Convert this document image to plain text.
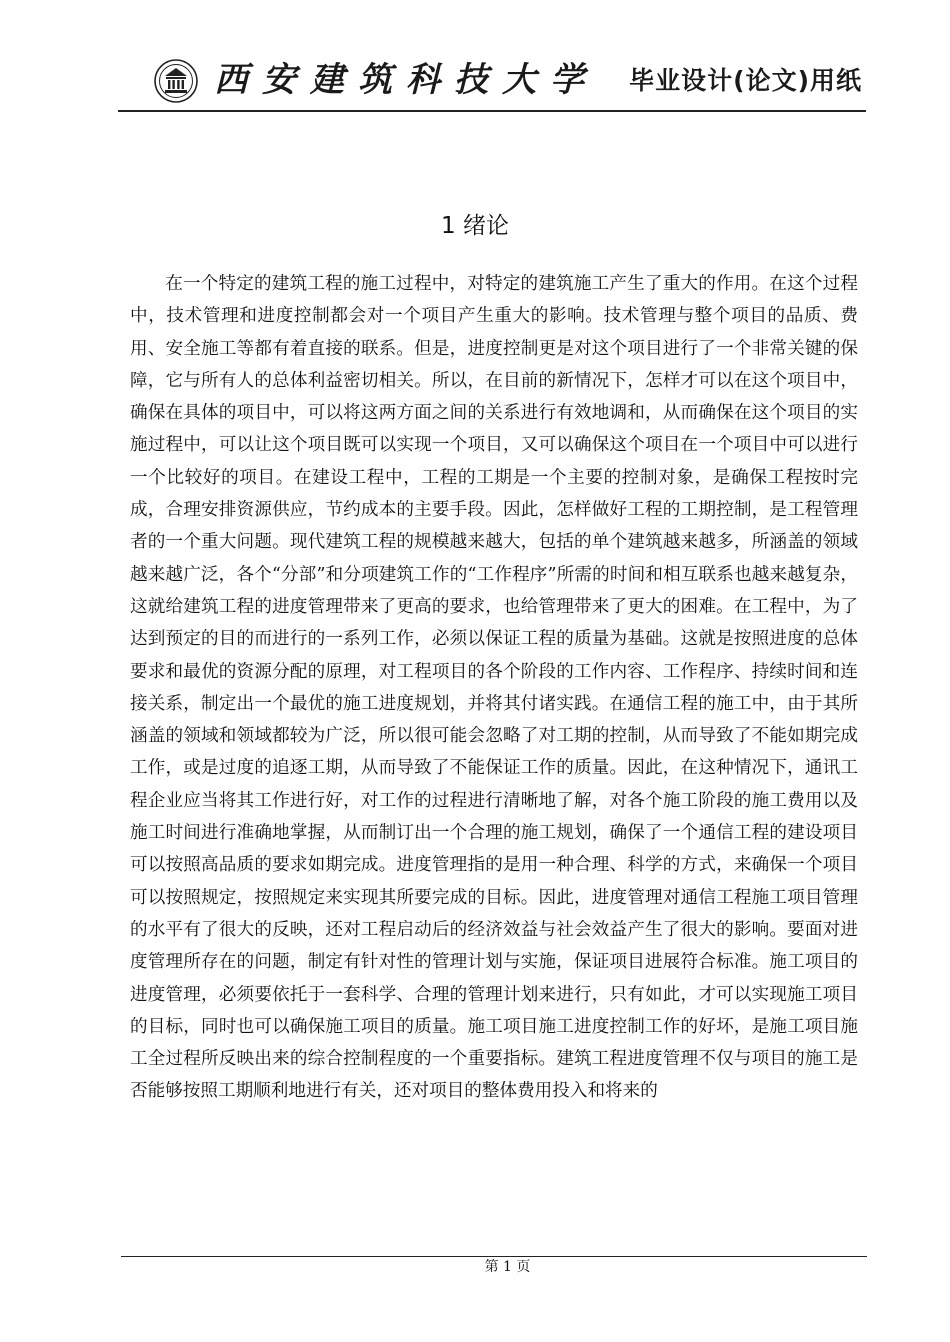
西安建筑科技大学 毕业设计(论文)用纸
1 绪论

在一个特定的建筑工程的施工过程中，对特定的建筑施工产生了重大的作用。在这个过程中，技术管理和进度控制都会对一个项目产生重大的影响。技术管理与整个项目的品质、费用、安全施工等都有着直接的联系。但是，进度控制更是对这个项目进行了一个非常关键的保障，它与所有人的总体利益密切相关。所以，在目前的新情况下，怎样才可以在这个项目中，确保在具体的项目中，可以将这两方面之间的关系进行有效地调和，从而确保在这个项目的实施过程中，可以让这个项目既可以实现一个项目，又可以确保这个项目在一个项目中可以进行一个比较好的项目。在建设工程中，工程的工期是一个主要的控制对象，是确保工程按时完成，合理安排资源供应，节约成本的主要手段。因此，怎样做好工程的工期控制，是工程管理者的一个重大问题。现代建筑工程的规模越来越大，包括的单个建筑越来越多，所涵盖的领域越来越广泛，各个“分部”和分项建筑工作的“工作程序”所需的时间和相互联系也越来越复杂，这就给建筑工程的进度管理带来了更高的要求，也给管理带来了更大的困难。在工程中，为了达到预定的目的而进行的一系列工作，必须以保证工程的质量为基础。这就是按照进度的总体要求和最优的资源分配的原理，对工程项目的各个阶段的工作内容、工作程序、持续时间和连接关系，制定出一个最优的施工进度规划，并将其付诸实践。在通信工程的施工中，由于其所涵盖的领域和领域都较为广泛，所以很可能会忽略了对工期的控制，从而导致了不能如期完成工作，或是过度的追逐工期，从而导致了不能保证工作的质量。因此，在这种情况下，通讯工程企业应当将其工作进行好，对工作的过程进行清晰地了解，对各个施工阶段的施工费用以及施工时间进行准确地掌握，从而制订出一个合理的施工规划，确保了一个通信工程的建设项目可以按照高品质的要求如期完成。进度管理指的是用一种合理、科学的方式，来确保一个项目可以按照规定，按照规定来实现其所要完成的目标。因此，进度管理对通信工程施工项目管理的水平有了很大的反映，还对工程启动后的经济效益与社会效益产生了很大的影响。要面对进度管理所存在的问题，制定有针对性的管理计划与实施，保证项目进展符合标准。施工项目的进度管理，必须要依托于一套科学、合理的管理计划来进行，只有如此，才可以实现施工项目的目标，同时也可以确保施工项目的质量。施工项目施工进度控制工作的好坏，是施工项目施工全过程所反映出来的综合控制程度的一个重要指标。建筑工程进度管理不仅与项目的施工是否能够按照工期顺利地进行有关，还对项目的整体费用投入和将来的

第 1 页
